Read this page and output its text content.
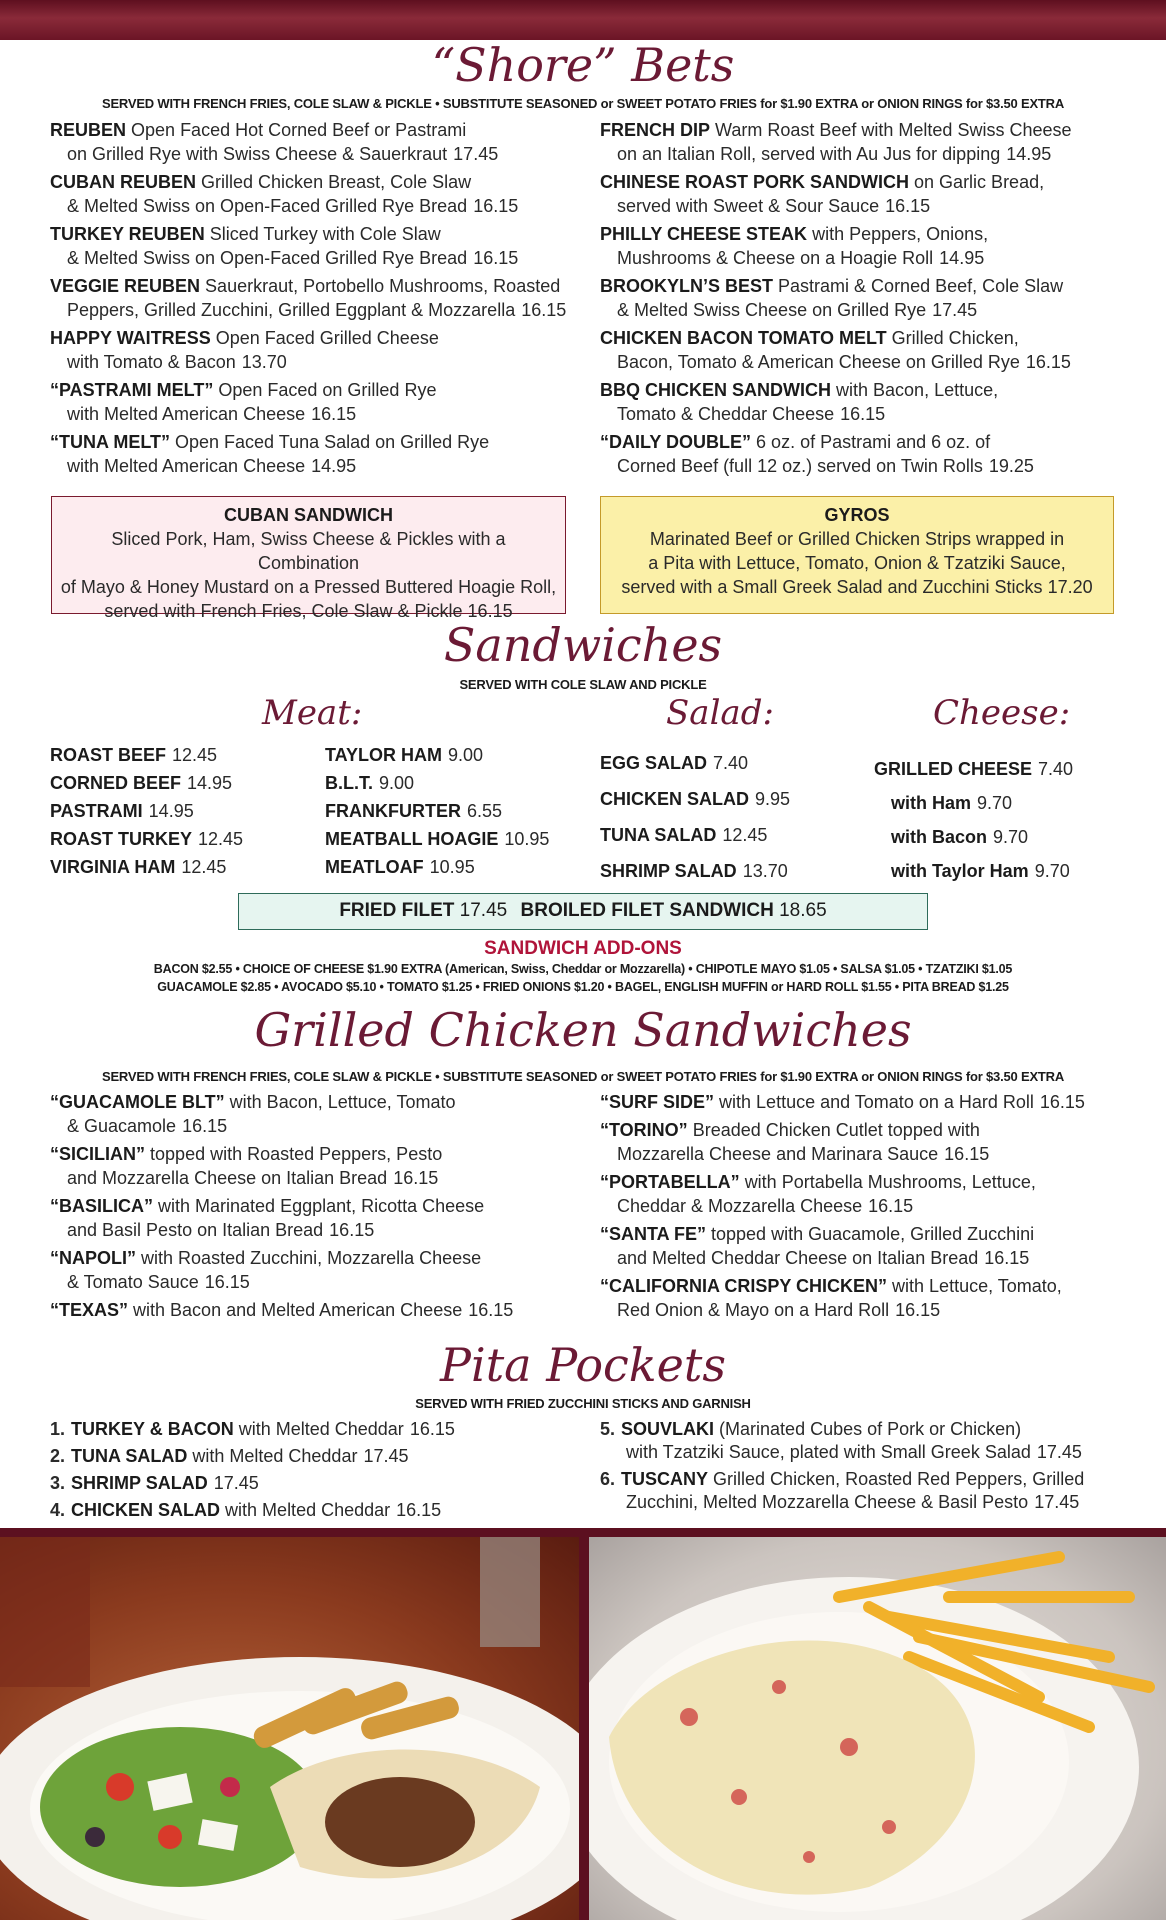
“Shore” Bets
SERVED WITH FRENCH FRIES, COLE SLAW & PICKLE • SUBSTITUTE SEASONED or SWEET POTATO FRIES for $1.90 EXTRA or ONION RINGS for $3.50 EXTRA
REUBEN Open Faced Hot Corned Beef or Pastrami
on Grilled Rye with Swiss Cheese & Sauerkraut 17.45
CUBAN REUBEN Grilled Chicken Breast, Cole Slaw
& Melted Swiss on Open-Faced Grilled Rye Bread 16.15
TURKEY REUBEN Sliced Turkey with Cole Slaw
& Melted Swiss on Open-Faced Grilled Rye Bread 16.15
VEGGIE REUBEN Sauerkraut, Portobello Mushrooms, Roasted
Peppers, Grilled Zucchini, Grilled Eggplant & Mozzarella 16.15
HAPPY WAITRESS Open Faced Grilled Cheese
with Tomato & Bacon 13.70
“PASTRAMI MELT” Open Faced on Grilled Rye
with Melted American Cheese 16.15
“TUNA MELT” Open Faced Tuna Salad on Grilled Rye
with Melted American Cheese 14.95
FRENCH DIP Warm Roast Beef with Melted Swiss Cheese
on an Italian Roll, served with Au Jus for dipping 14.95
CHINESE ROAST PORK SANDWICH on Garlic Bread,
served with Sweet & Sour Sauce 16.15
PHILLY CHEESE STEAK with Peppers, Onions,
Mushrooms & Cheese on a Hoagie Roll 14.95
BROOKYLN’S BEST Pastrami & Corned Beef, Cole Slaw
& Melted Swiss Cheese on Grilled Rye 17.45
CHICKEN BACON TOMATO MELT Grilled Chicken,
Bacon, Tomato & American Cheese on Grilled Rye 16.15
BBQ CHICKEN SANDWICH with Bacon, Lettuce,
Tomato & Cheddar Cheese 16.15
“DAILY DOUBLE” 6 oz. of Pastrami and 6 oz. of
Corned Beef (full 12 oz.) served on Twin Rolls 19.25
CUBAN SANDWICH
Sliced Pork, Ham, Swiss Cheese & Pickles with a Combination
of Mayo & Honey Mustard on a Pressed Buttered Hoagie Roll,
served with French Fries, Cole Slaw & Pickle 16.15
GYROS
Marinated Beef or Grilled Chicken Strips wrapped in
a Pita with Lettuce, Tomato, Onion & Tzatziki Sauce,
served with a Small Greek Salad and Zucchini Sticks 17.20
Sandwiches
SERVED WITH COLE SLAW AND PICKLE
Meat:	Salad:	Cheese:
ROAST BEEF 12.45
CORNED BEEF 14.95
PASTRAMI 14.95
ROAST TURKEY 12.45
VIRGINIA HAM 12.45
TAYLOR HAM 9.00
B.L.T. 9.00
FRANKFURTER 6.55
MEATBALL HOAGIE 10.95
MEATLOAF 10.95
EGG SALAD 7.40
CHICKEN SALAD 9.95
TUNA SALAD 12.45
SHRIMP SALAD 13.70
GRILLED CHEESE 7.40
with Ham 9.70
with Bacon 9.70
with Taylor Ham 9.70
FRIED FILET 17.45 BROILED FILET SANDWICH 18.65
SANDWICH ADD-ONS
BACON $2.55 • CHOICE OF CHEESE $1.90 EXTRA (American, Swiss, Cheddar or Mozzarella) • CHIPOTLE MAYO $1.05 • SALSA $1.05 • TZATZIKI $1.05
GUACAMOLE $2.85 • AVOCADO $5.10 • TOMATO $1.25 • FRIED ONIONS $1.20 • BAGEL, ENGLISH MUFFIN or HARD ROLL $1.55 • PITA BREAD $1.25
Grilled Chicken Sandwiches
SERVED WITH FRENCH FRIES, COLE SLAW & PICKLE • SUBSTITUTE SEASONED or SWEET POTATO FRIES for $1.90 EXTRA or ONION RINGS for $3.50 EXTRA
“GUACAMOLE BLT” with Bacon, Lettuce, Tomato
& Guacamole 16.15
“SICILIAN” topped with Roasted Peppers, Pesto
and Mozzarella Cheese on Italian Bread 16.15
“BASILICA” with Marinated Eggplant, Ricotta Cheese
and Basil Pesto on Italian Bread 16.15
“NAPOLI” with Roasted Zucchini, Mozzarella Cheese
& Tomato Sauce 16.15
“TEXAS” with Bacon and Melted American Cheese 16.15
“SURF SIDE” with Lettuce and Tomato on a Hard Roll 16.15
“TORINO” Breaded Chicken Cutlet topped with
Mozzarella Cheese and Marinara Sauce 16.15
“PORTABELLA” with Portabella Mushrooms, Lettuce,
Cheddar & Mozzarella Cheese 16.15
“SANTA FE” topped with Guacamole, Grilled Zucchini
and Melted Cheddar Cheese on Italian Bread 16.15
“CALIFORNIA CRISPY CHICKEN” with Lettuce, Tomato,
Red Onion & Mayo on a Hard Roll 16.15
Pita Pockets
SERVED WITH FRIED ZUCCHINI STICKS AND GARNISH
1. TURKEY & BACON with Melted Cheddar 16.15
2. TUNA SALAD with Melted Cheddar 17.45
3. SHRIMP SALAD 17.45
4. CHICKEN SALAD with Melted Cheddar 16.15
5. SOUVLAKI (Marinated Cubes of Pork or Chicken)
with Tzatziki Sauce, plated with Small Greek Salad 17.45
6. TUSCANY Grilled Chicken, Roasted Red Peppers, Grilled
Zucchini, Melted Mozzarella Cheese & Basil Pesto 17.45
